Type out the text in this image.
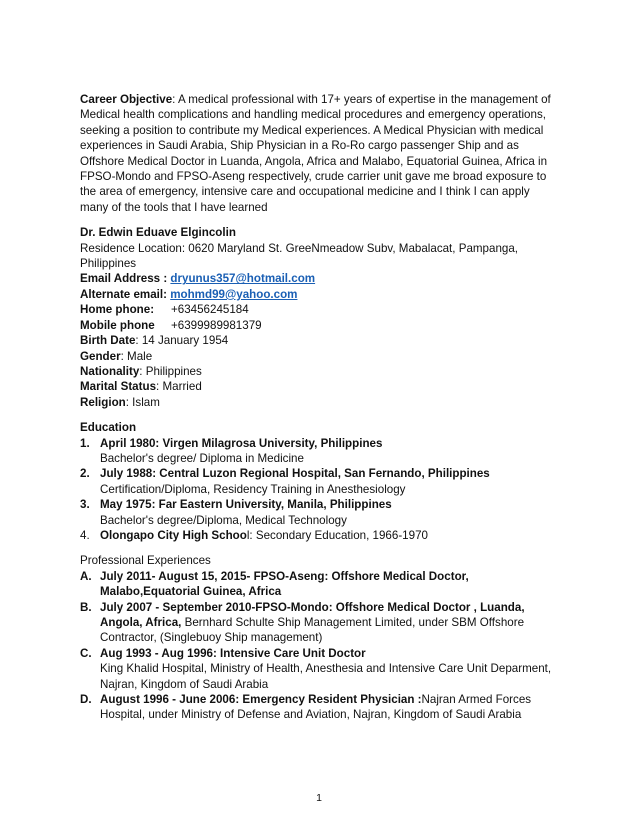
Career Objective: A medical professional with 17+ years of expertise in the management of Medical health complications and handling medical procedures and emergency operations, seeking a position to contribute my Medical experiences. A Medical Physician with medical experiences in Saudi Arabia, Ship Physician in a Ro-Ro cargo passenger Ship and as Offshore Medical Doctor in Luanda, Angola, Africa and Malabo, Equatorial Guinea, Africa in FPSO-Mondo and FPSO-Aseng respectively, crude carrier unit gave me broad exposure to the area of emergency, intensive care and occupational medicine and I think I can apply many of the tools that I have learned

Dr. Edwin Eduave Elgincolin

Residence Location: 0620 Maryland St. GreeNmeadow Subv, Mabalacat, Pampanga, Philippines

Email Address : dryunus357@hotmail.com

Alternate email: mohmd99@yahoo.com

Home phone: +63456245184

Mobile phone +6399989981379

Birth Date: 14 January 1954

Gender: Male

Nationality: Philippines

Marital Status: Married

Religion: Islam

Education

1. April 1980: Virgen Milagrosa University, Philippines

Bachelor's degree/ Diploma in Medicine

2. July 1988: Central Luzon Regional Hospital, San Fernando, Philippines

Certification/Diploma, Residency Training in Anesthesiology

3. May 1975: Far Eastern University, Manila, Philippines

Bachelor's degree/Diploma, Medical Technology

4. Olongapo City High School: Secondary Education, 1966-1970

Professional Experiences

A. July 2011- August 15, 2015- FPSO-Aseng: Offshore Medical Doctor, Malabo,Equatorial Guinea, Africa

B. July 2007 - September 2010-FPSO-Mondo: Offshore Medical Doctor , Luanda, Angola, Africa, Bernhard Schulte Ship Management Limited, under SBM Offshore Contractor, (Singlebuoy Ship management)

C. Aug 1993 - Aug 1996: Intensive Care Unit Doctor

King Khalid Hospital, Ministry of Health, Anesthesia and Intensive Care Unit Deparment, Najran, Kingdom of Saudi Arabia

D. August 1996 - June 2006: Emergency Resident Physician :Najran Armed Forces Hospital, under Ministry of Defense and Aviation, Najran, Kingdom of Saudi Arabia

1
